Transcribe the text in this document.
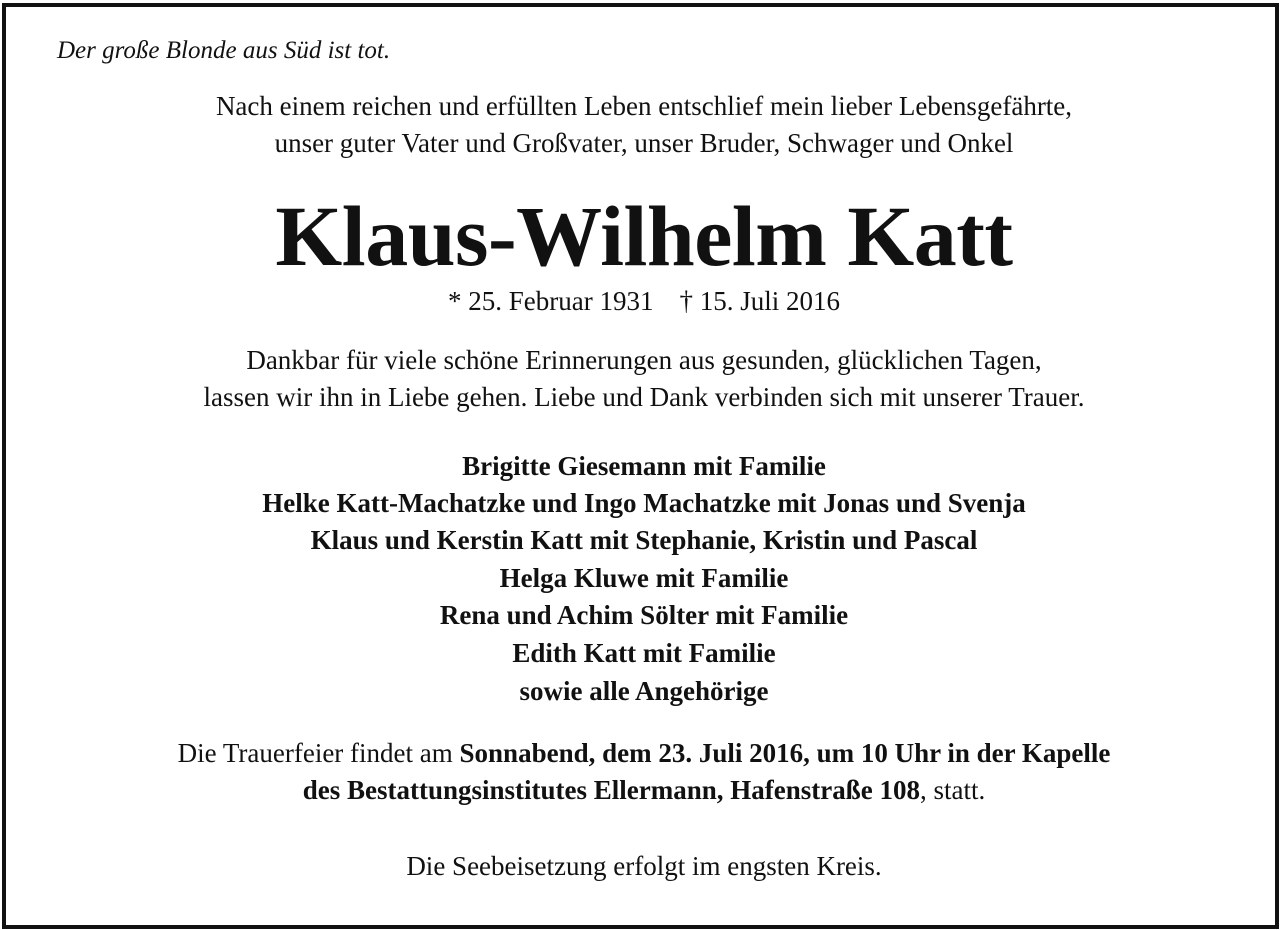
Der große Blonde aus Süd ist tot.
Nach einem reichen und erfüllten Leben entschlief mein lieber Lebensgefährte,
unser guter Vater und Großvater, unser Bruder, Schwager und Onkel
Klaus-Wilhelm Katt
* 25. Februar 1931 † 15. Juli 2016
Dankbar für viele schöne Erinnerungen aus gesunden, glücklichen Tagen,
lassen wir ihn in Liebe gehen. Liebe und Dank verbinden sich mit unserer Trauer.
Brigitte Giesemann mit Familie
Helke Katt-Machatzke und Ingo Machatzke mit Jonas und Svenja
Klaus und Kerstin Katt mit Stephanie, Kristin und Pascal
Helga Kluwe mit Familie
Rena und Achim Sölter mit Familie
Edith Katt mit Familie
sowie alle Angehörige
Die Trauerfeier findet am Sonnabend, dem 23. Juli 2016, um 10 Uhr in der Kapelle
des Bestattungsinstitutes Ellermann, Hafenstraße 108, statt.
Die Seebeisetzung erfolgt im engsten Kreis.
